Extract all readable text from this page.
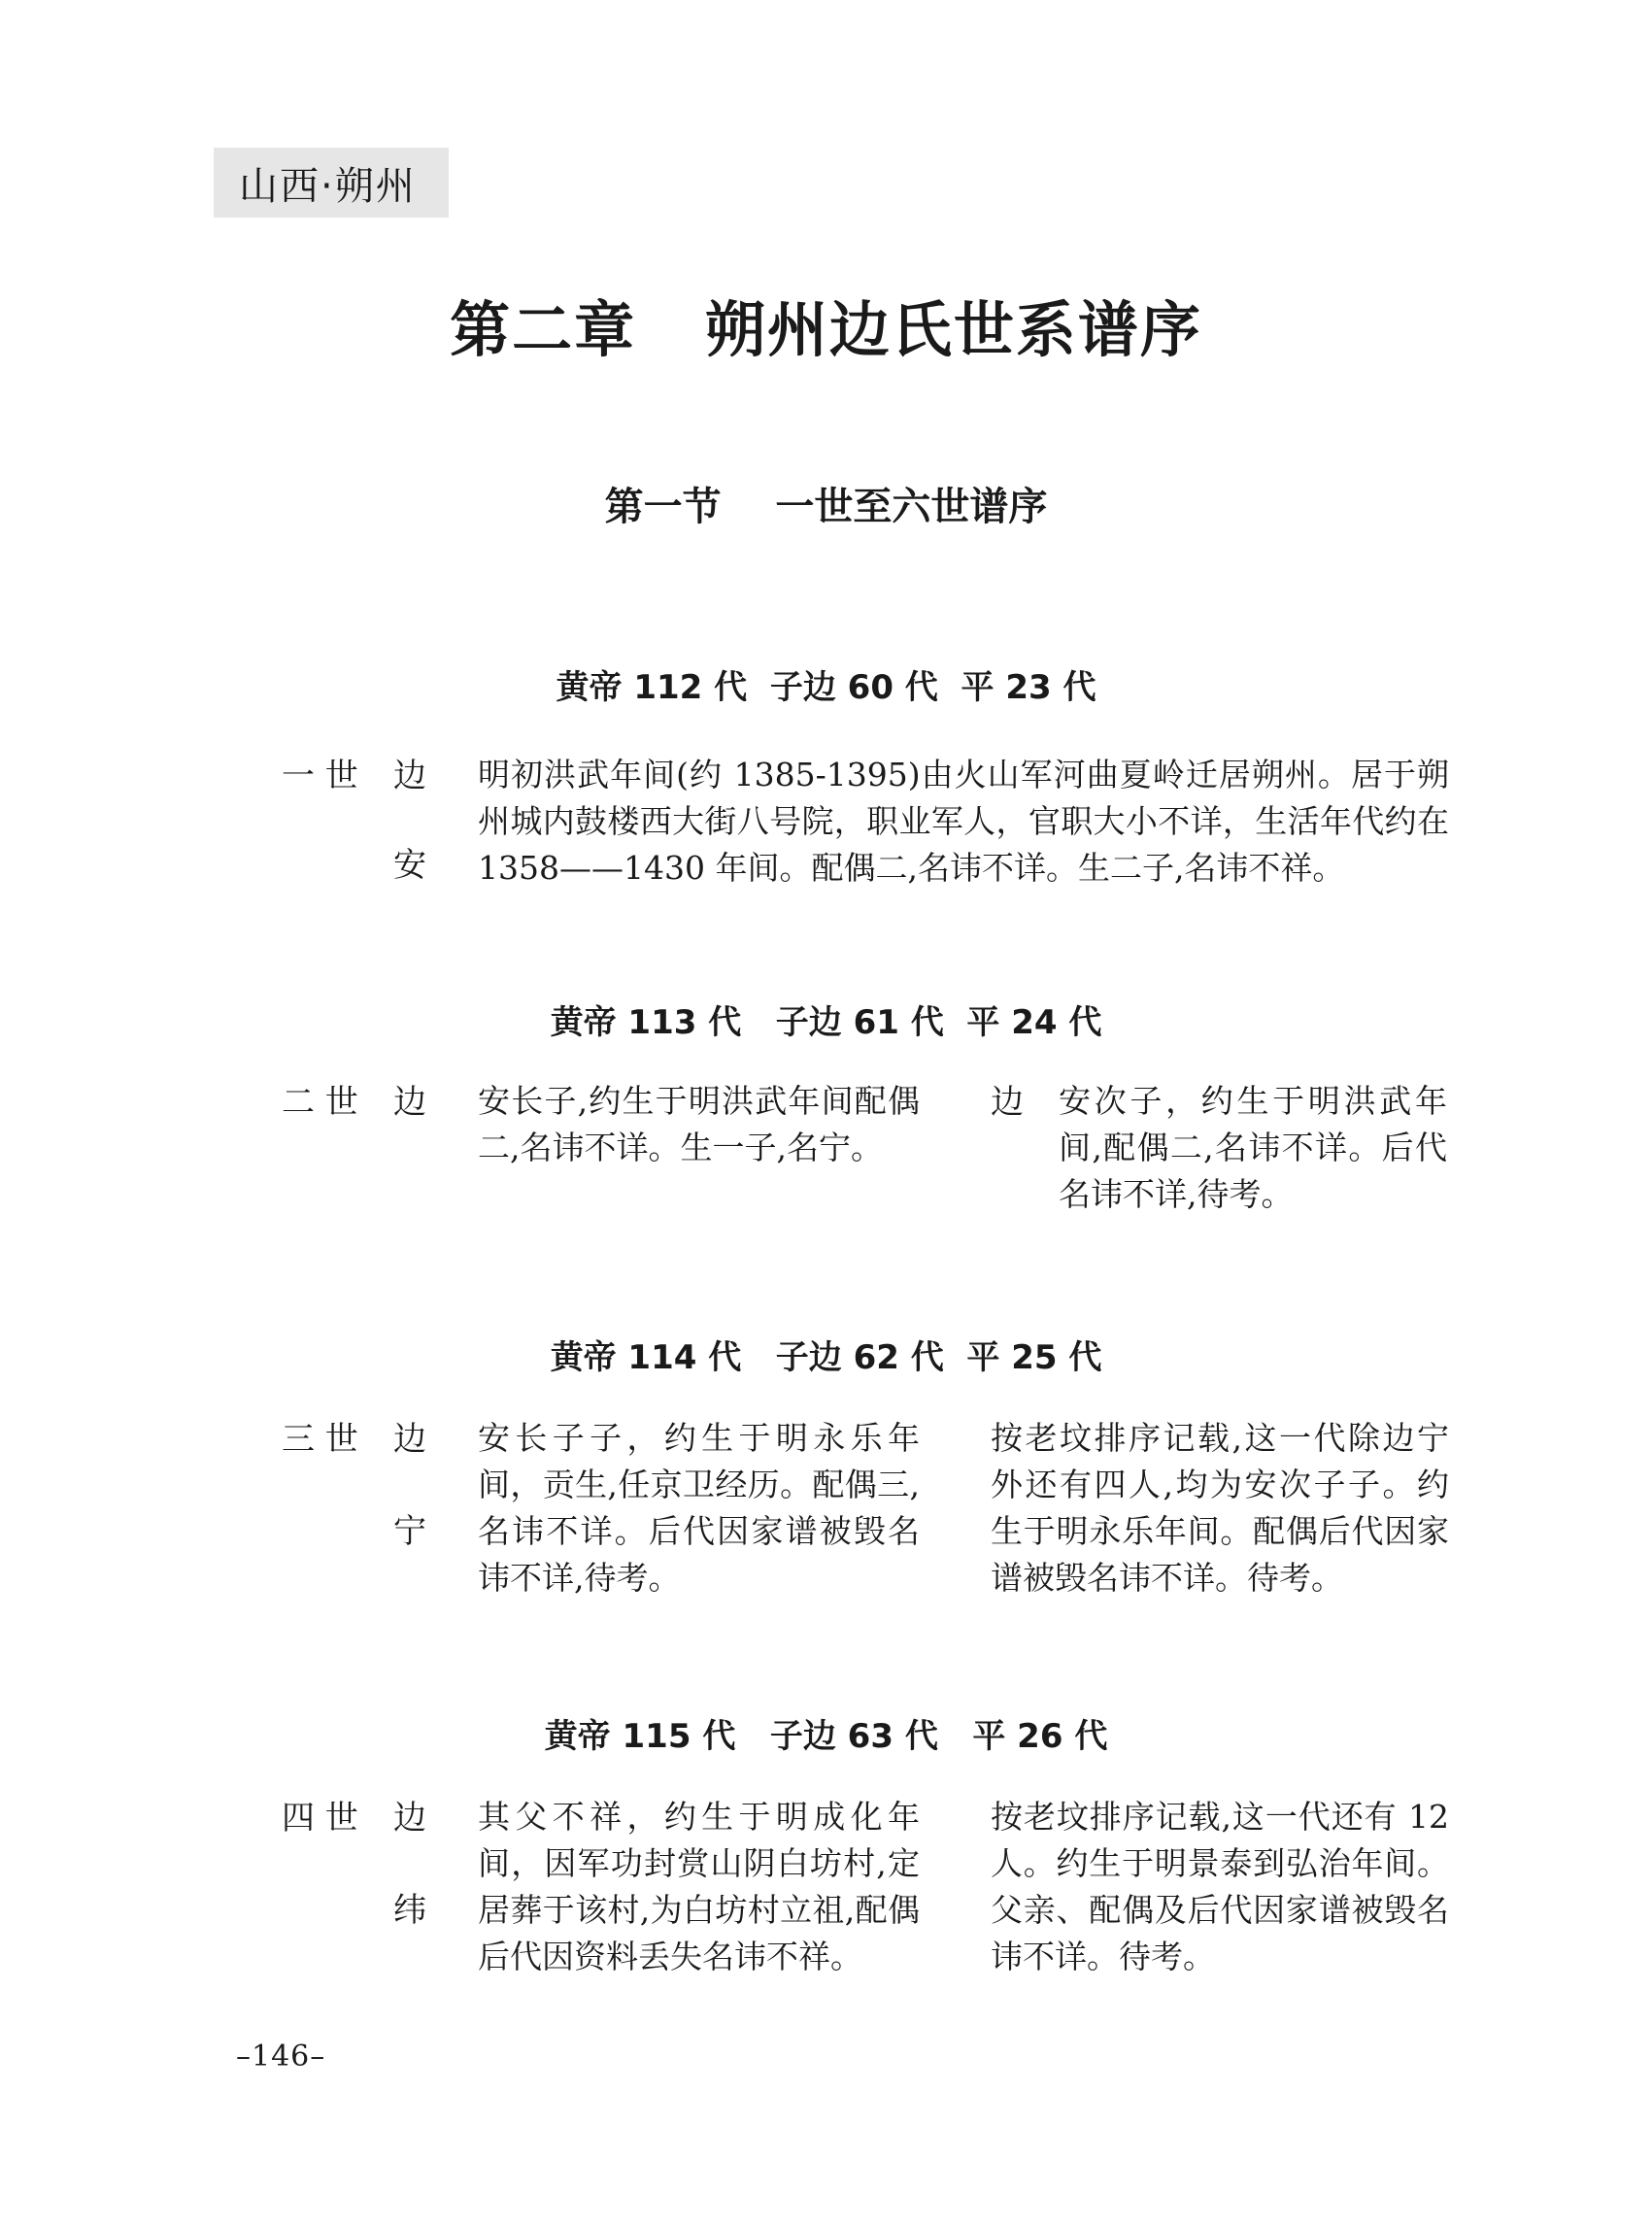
山西·朔州
第二章   朔州边氏世系谱序
第一节    一世至六世谱序
黄帝 112 代  子边 60 代  平 23 代
一 世 边
安
明初洪武年间(约 1385-1395)由火山军河曲夏岭迁居朔州。居于朔州城内鼓楼西大街八号院，职业军人，官职大小不详，生活年代约在 1358——1430 年间。配偶二,名讳不详。生二子,名讳不祥。
黄帝 113 代   子边 61 代  平 24 代
二 世 边 安长子,约生于明洪武年间配偶二,名讳不详。生一子,名宁。
边 安次子，约生于明洪武年间,配偶二,名讳不详。后代名讳不详,待考。
黄帝 114 代   子边 62 代  平 25 代
三 世 边
宁
安长子子，约生于明永乐年间，贡生,任京卫经历。配偶三,名讳不详。后代因家谱被毁名讳不详,待考。
按老坟排序记载,这一代除边宁外还有四人,均为安次子子。约生于明永乐年间。配偶后代因家谱被毁名讳不详。待考。
黄帝 115 代   子边 63 代   平 26 代
四 世 边
纬
其父不祥，约生于明成化年间，因军功封赏山阴白坊村,定居葬于该村,为白坊村立祖,配偶后代因资料丢失名讳不祥。
按老坟排序记载,这一代还有 12 人。约生于明景泰到弘治年间。父亲、配偶及后代因家谱被毁名讳不详。待考。
–146–
